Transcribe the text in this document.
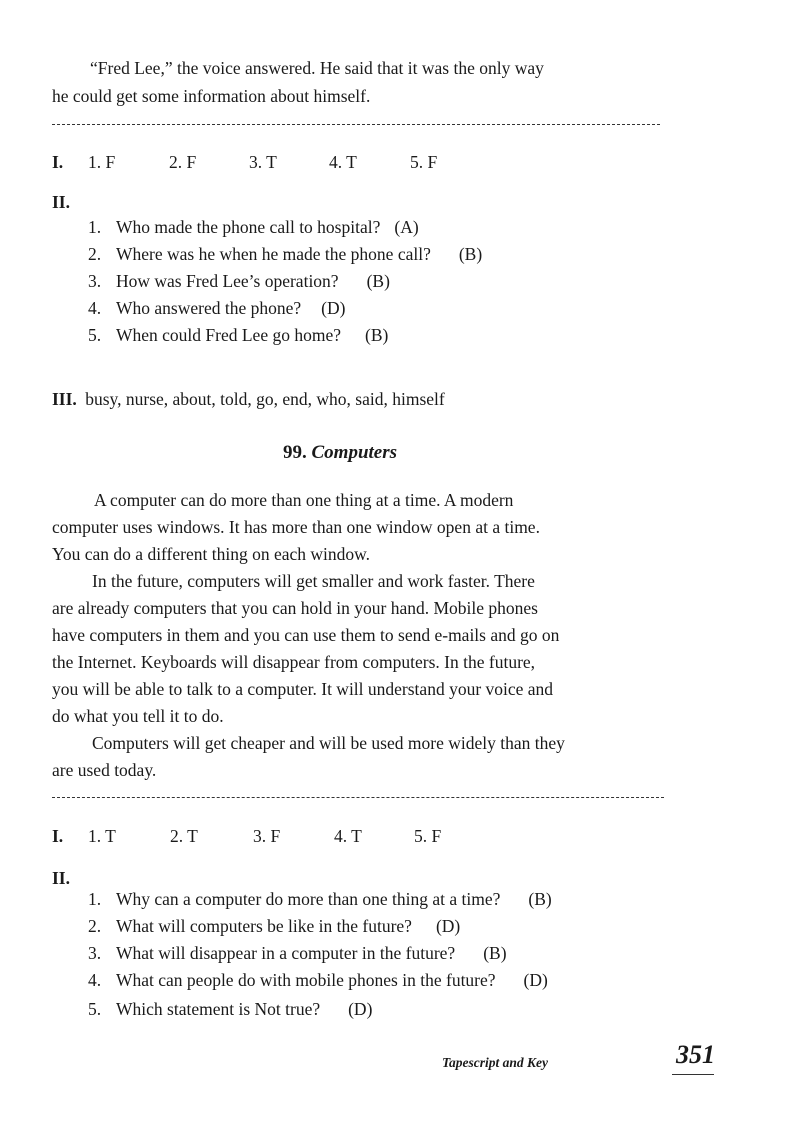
“Fred Lee,” the voice answered. He said that it was the only way
he could get some information about himself.
I. 1. F	2. F	3. T	4. T	5. F
II.
1. Who made the phone call to hospital? (A)
2. Where was he when he made the phone call? (B)
3. How was Fred Lee’s operation? (B)
4. Who answered the phone? (D)
5. When could Fred Lee go home? (B)
III. busy, nurse, about, told, go, end, who, said, himself
99. Computers
A computer can do more than one thing at a time. A modern
computer uses windows. It has more than one window open at a time.
You can do a different thing on each window.
In the future, computers will get smaller and work faster. There
are already computers that you can hold in your hand. Mobile phones
have computers in them and you can use them to send e-mails and go on
the Internet. Keyboards will disappear from computers. In the future,
you will be able to talk to a computer. It will understand your voice and
do what you tell it to do.
Computers will get cheaper and will be used more widely than they
are used today.
I. 1. T	2. T	3. F	4. T	5. F
II.
1. Why can a computer do more than one thing at a time? (B)
2. What will computers be like in the future? (D)
3. What will disappear in a computer in the future? (B)
4. What can people do with mobile phones in the future? (D)
5. Which statement is Not true? (D)
Tapescript and Key	351
